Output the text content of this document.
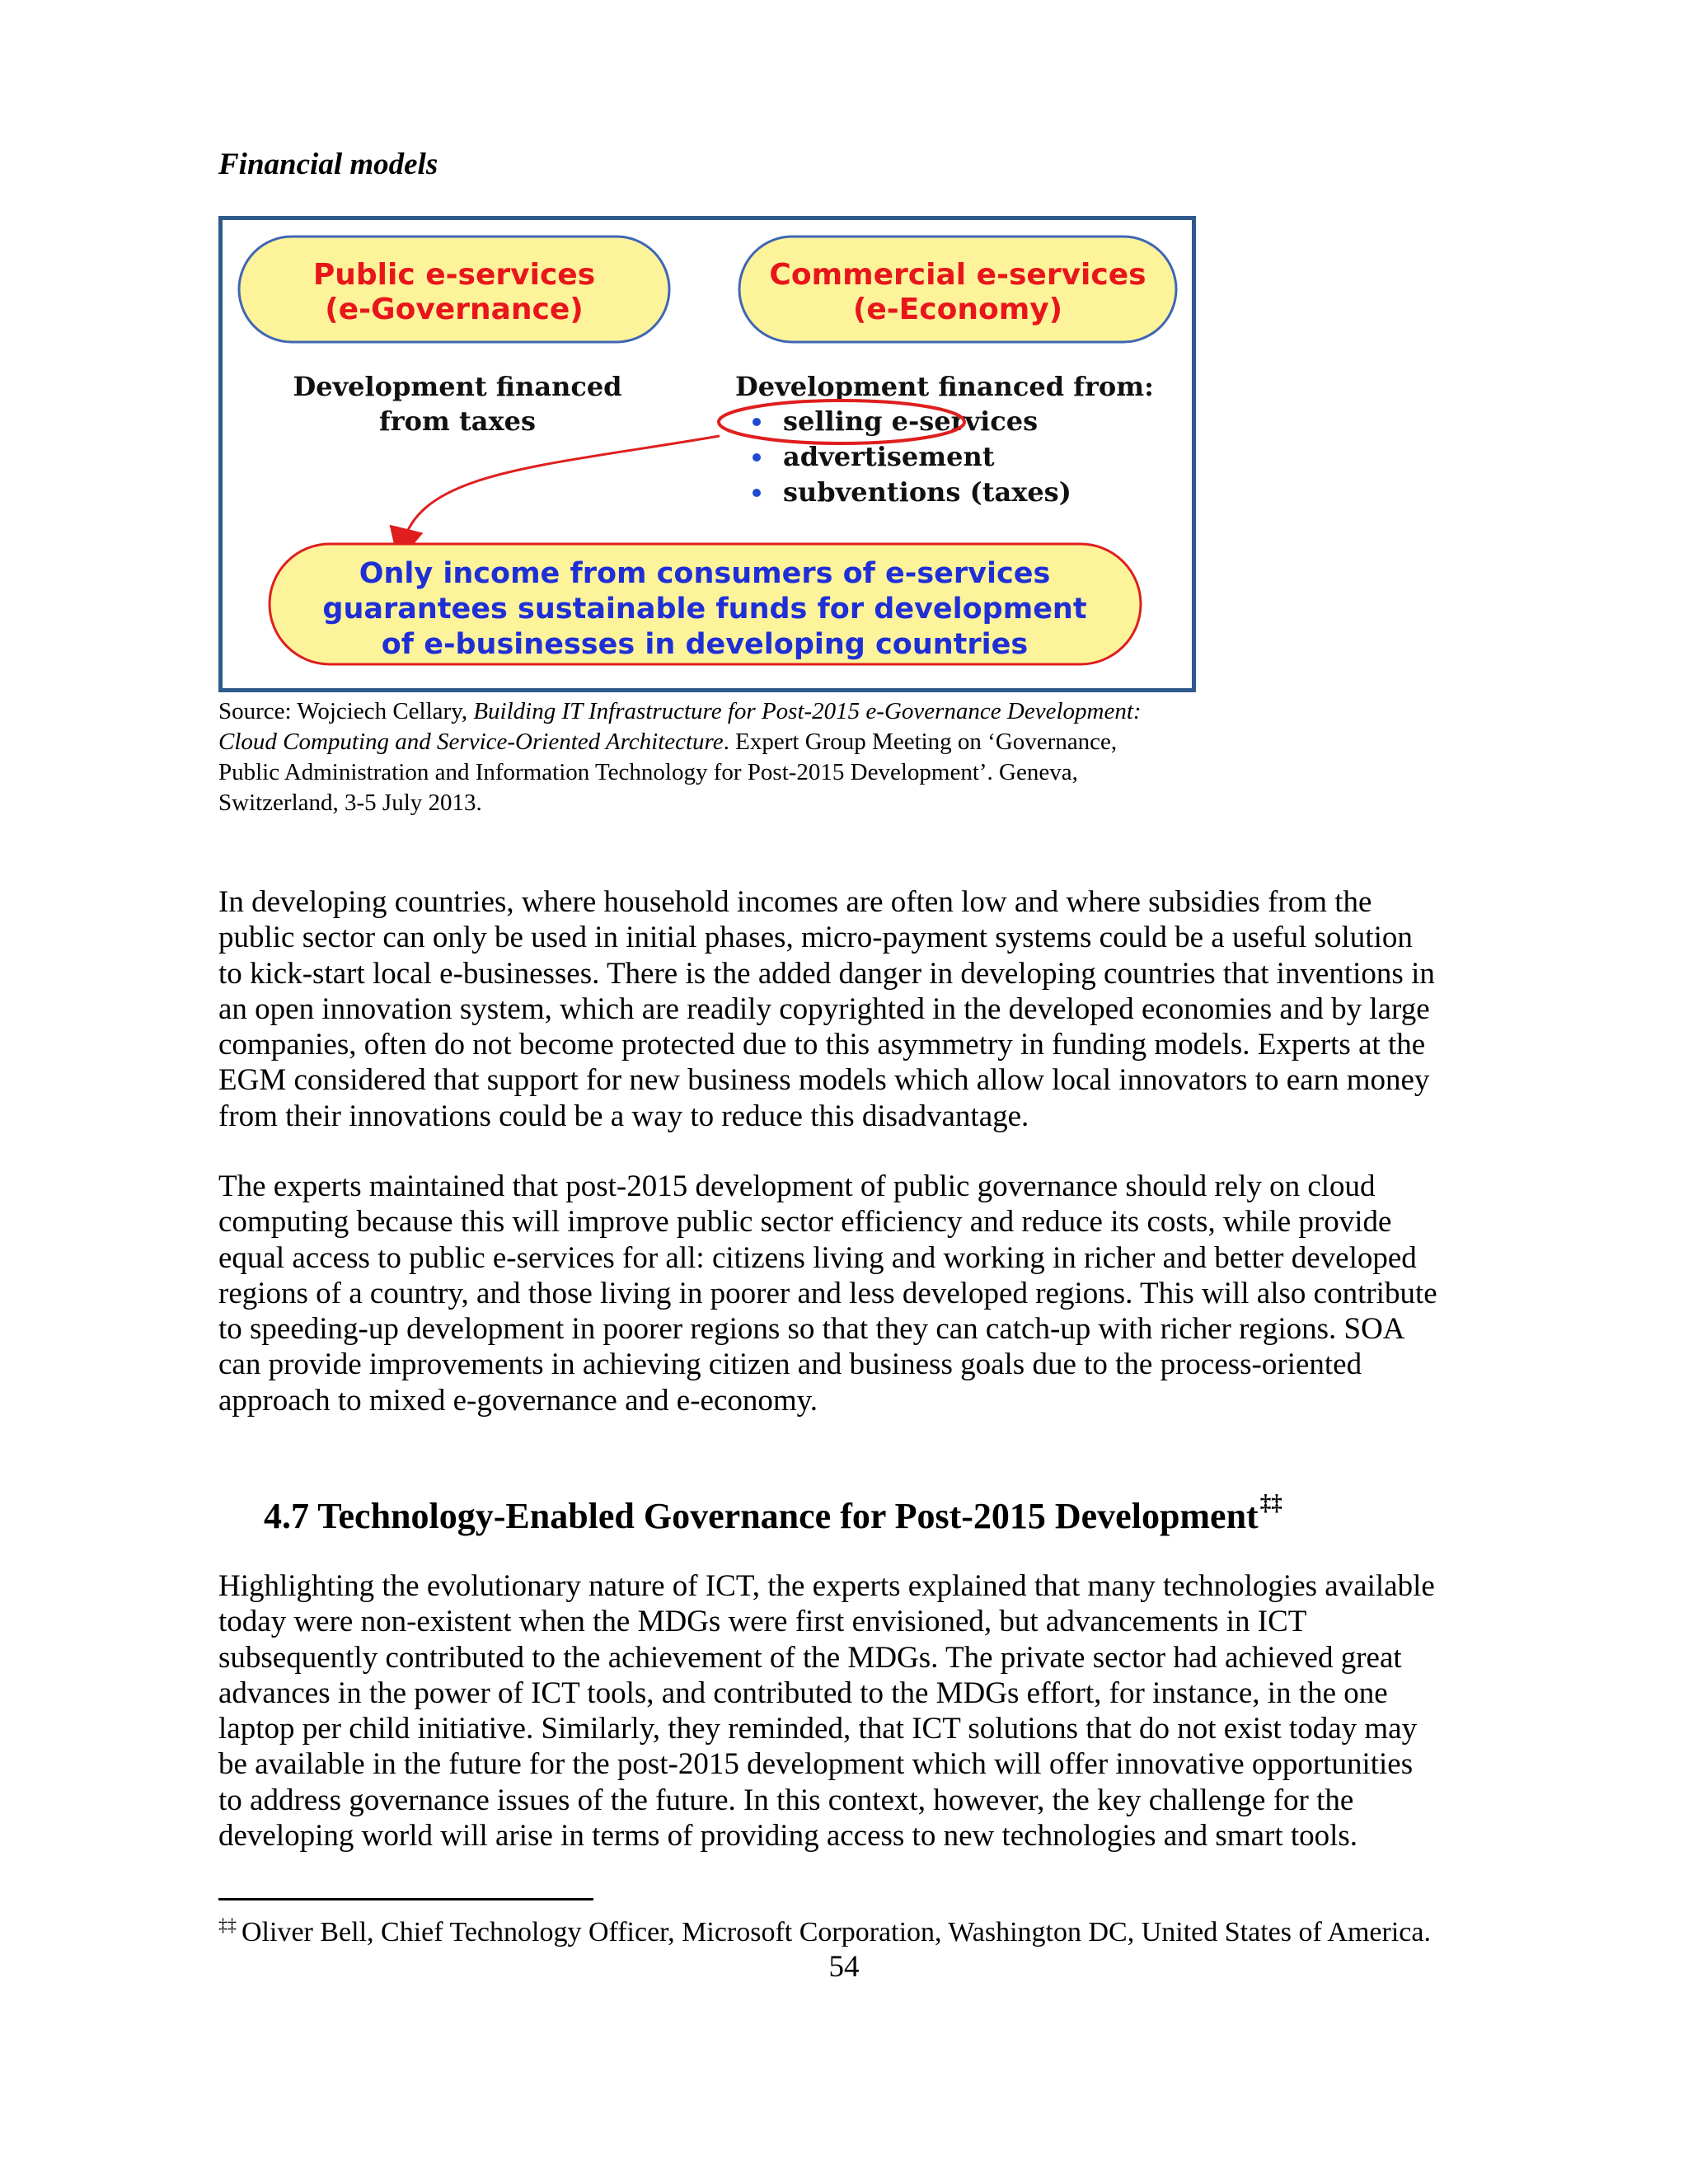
Financial models
Public e-services
(e-Governance)
Commercial e-services
(e-Economy)
Development financed
from taxes
Development financed from:
selling e-services
advertisement
subventions (taxes)
Only income from consumers of e-services
guarantees sustainable funds for development
of e-businesses in developing countries
Source: Wojciech Cellary, Building IT Infrastructure for Post-2015 e-Governance Development:
Cloud Computing and Service-Oriented Architecture. Expert Group Meeting on ‘Governance,
Public Administration and Information Technology for Post-2015 Development’. Geneva,
Switzerland, 3-5 July 2013.
In developing countries, where household incomes are often low and where subsidies from the
public sector can only be used in initial phases, micro-payment systems could be a useful solution
to kick-start local e-businesses. There is the added danger in developing countries that inventions in
an open innovation system, which are readily copyrighted in the developed economies and by large
companies, often do not become protected due to this asymmetry in funding models. Experts at the
EGM considered that support for new business models which allow local innovators to earn money
from their innovations could be a way to reduce this disadvantage.
The experts maintained that post-2015 development of public governance should rely on cloud
computing because this will improve public sector efficiency and reduce its costs, while provide
equal access to public e-services for all: citizens living and working in richer and better developed
regions of a country, and those living in poorer and less developed regions. This will also contribute
to speeding-up development in poorer regions so that they can catch-up with richer regions. SOA
can provide improvements in achieving citizen and business goals due to the process-oriented
approach to mixed e-governance and e-economy.
4.7 Technology-Enabled Governance for Post-2015 Development‡‡
Highlighting the evolutionary nature of ICT, the experts explained that many technologies available
today were non-existent when the MDGs were first envisioned, but advancements in ICT
subsequently contributed to the achievement of the MDGs. The private sector had achieved great
advances in the power of ICT tools, and contributed to the MDGs effort, for instance, in the one
laptop per child initiative. Similarly, they reminded, that ICT solutions that do not exist today may
be available in the future for the post-2015 development which will offer innovative opportunities
to address governance issues of the future. In this context, however, the key challenge for the
developing world will arise in terms of providing access to new technologies and smart tools.
‡‡ Oliver Bell, Chief Technology Officer, Microsoft Corporation, Washington DC, United States of America.
54
